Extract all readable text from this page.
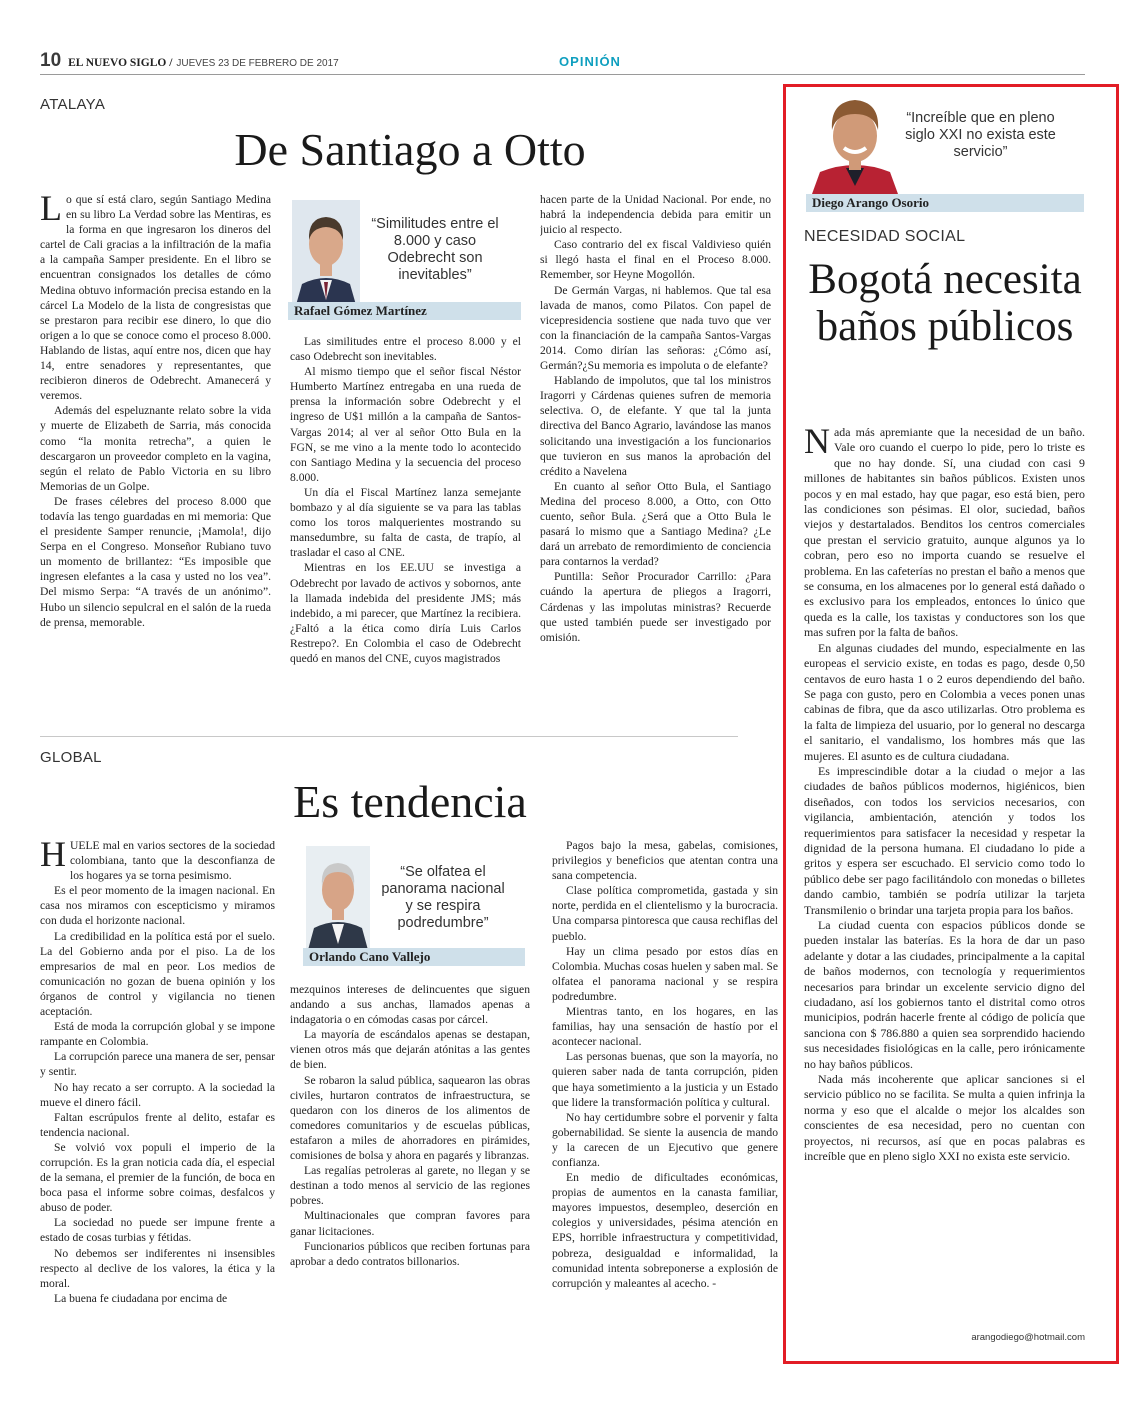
10 EL NUEVO SIGLO / JUEVES 23 DE FEBRERO DE 2017	OPINIÓN
ATALAYA
De Santiago a Otto
L o que sí está claro, según Santiago Medina en su libro La Verdad sobre las Mentiras, es la forma en que ingresaron los dineros del cartel de Cali gracias a la infiltración de la mafia a la campaña Samper presidente. En el libro se encuentran consignados los detalles de cómo Medina obtuvo información precisa estando en la cárcel La Modelo de la lista de congresistas que se prestaron para recibir ese dinero, lo que dio origen a lo que se conoce como el proceso 8.000. Hablando de listas, aquí entre nos, dicen que hay 14, entre senadores y representantes, que recibieron dineros de Odebrecht. Amanecerá y veremos.

Además del espeluznante relato sobre la vida y muerte de Elizabeth de Sarria, más conocida como “la monita retrecha”, a quien le descargaron un proveedor completo en la vagina, según el relato de Pablo Victoria en su libro Memorias de un Golpe.

De frases célebres del proceso 8.000 que todavía las tengo guardadas en mi memoria: Que el presidente Samper renuncie, ¡Mamola!, dijo Serpa en el Congreso. Monseñor Rubiano tuvo un momento de brillantez: “Es imposible que ingresen elefantes a la casa y usted no los vea”. Del mismo Serpa: “A través de un anónimo”. Hubo un silencio sepulcral en el salón de la rueda de prensa, memorable.

“Similitudes entre el 8.000 y caso Odebrecht son inevitables”
Rafael Gómez Martínez

Las similitudes entre el proceso 8.000 y el caso Odebrecht son inevitables.

Al mismo tiempo que el señor fiscal Néstor Humberto Martínez entregaba en una rueda de prensa la información sobre Odebrecht y el ingreso de U$1 millón a la campaña de Santos-Vargas 2014; al ver al señor Otto Bula en la FGN, se me vino a la mente todo lo acontecido con Santiago Medina y la secuencia del proceso 8.000.

Un día el Fiscal Martínez lanza semejante bombazo y al día siguiente se va para las tablas como los toros malquerientes mostrando su mansedumbre, su falta de casta, de trapío, al trasladar el caso al CNE.

Mientras en los EE.UU se investiga a Odebrecht por lavado de activos y sobornos, ante la llamada indebida del presidente JMS; más indebido, a mi parecer, que Martínez la recibiera. ¿Faltó a la ética como diría Luis Carlos Restrepo?. En Colombia el caso de Odebrecht quedó en manos del CNE, cuyos magistrados

hacen parte de la Unidad Nacional. Por ende, no habrá la independencia debida para emitir un juicio al respecto.

Caso contrario del ex fiscal Valdivieso quién si llegó hasta el final en el Proceso 8.000. Remember, sor Heyne Mogollón.

De Germán Vargas, ni hablemos. Que tal esa lavada de manos, como Pilatos. Con papel de vicepresidencia sostiene que nada tuvo que ver con la financiación de la campaña Santos-Vargas 2014. Como dirían las señoras: ¿Cómo así, Germán?¿Su memoria es impoluta o de elefante?

Hablando de impolutos, que tal los ministros Iragorri y Cárdenas quienes sufren de memoria selectiva. O, de elefante. Y que tal la junta directiva del Banco Agrario, lavándose las manos solicitando una investigación a los funcionarios que tuvieron en sus manos la aprobación del crédito a Navelena

En cuanto al señor Otto Bula, el Santiago Medina del proceso 8.000, a Otto, con Otto cuento, señor Bula. ¿Será que a Otto Bula le pasará lo mismo que a Santiago Medina? ¿Le dará un arrebato de remordimiento de conciencia para contarnos la verdad?

Puntilla: Señor Procurador Carrillo: ¿Para cuándo la apertura de pliegos a Iragorri, Cárdenas y las impolutas ministras? Recuerde que usted también puede ser investigado por omisión.

GLOBAL
Es tendencia
H UELE mal en varios sectores de la sociedad colombiana, tanto que la desconfianza de los hogares ya se torna pesimismo.

Es el peor momento de la imagen nacional. En casa nos miramos con escepticismo y miramos con duda el horizonte nacional.

La credibilidad en la política está por el suelo. La del Gobierno anda por el piso. La de los empresarios de mal en peor. Los medios de comunicación no gozan de buena opinión y los órganos de control y vigilancia no tienen aceptación.

Está de moda la corrupción global y se impone rampante en Colombia.

La corrupción parece una manera de ser, pensar y sentir.

No hay recato a ser corrupto. A la sociedad la mueve el dinero fácil.

Faltan escrúpulos frente al delito, estafar es tendencia nacional.

Se volvió vox populi el imperio de la corrupción. Es la gran noticia cada día, el especial de la semana, el premier de la función, de boca en boca pasa el informe sobre coimas, desfalcos y abuso de poder.

La sociedad no puede ser impune frente a estado de cosas turbias y fétidas.

No debemos ser indiferentes ni insensibles respecto al declive de los valores, la ética y la moral.

La buena fe ciudadana por encima de

“Se olfatea el panorama nacional y se respira podredumbre”
Orlando Cano Vallejo

mezquinos intereses de delincuentes que siguen andando a sus anchas, llamados apenas a indagatoria o en cómodas casas por cárcel.

La mayoría de escándalos apenas se destapan, vienen otros más que dejarán atónitas a las gentes de bien.

Se robaron la salud pública, saquearon las obras civiles, hurtaron contratos de infraestructura, se quedaron con los dineros de los alimentos de comedores comunitarios y de escuelas públicas, estafaron a miles de ahorradores en pirámides, comisiones de bolsa y ahora en pagarés y libranzas.

Las regalías petroleras al garete, no llegan y se destinan a todo menos al servicio de las regiones pobres.

Multinacionales que compran favores para ganar licitaciones.

Funcionarios públicos que reciben fortunas para aprobar a dedo contratos billonarios.

Pagos bajo la mesa, gabelas, comisiones, privilegios y beneficios que atentan contra una sana competencia.

Clase política comprometida, gastada y sin norte, perdida en el clientelismo y la burocracia. Una comparsa pintoresca que causa rechiflas del pueblo.

Hay un clima pesado por estos días en Colombia. Muchas cosas huelen y saben mal. Se olfatea el panorama nacional y se respira podredumbre.

Mientras tanto, en los hogares, en las familias, hay una sensación de hastío por el acontecer nacional.

Las personas buenas, que son la mayoría, no quieren saber nada de tanta corrupción, piden que haya sometimiento a la justicia y un Estado que lidere la transformación política y cultural.

No hay certidumbre sobre el porvenir y falta gobernabilidad. Se siente la ausencia de mando y la carecen de un Ejecutivo que genere confianza.

En medio de dificultades económicas, propias de aumentos en la canasta familiar, mayores impuestos, desempleo, deserción en colegios y universidades, pésima atención en EPS, horrible infraestructura y competitividad, pobreza, desigualdad e informalidad, la comunidad intenta sobreponerse a explosión de corrupción y maleantes al acecho. -

“Increíble que en pleno siglo XXI no exista este servicio”
Diego Arango Osorio
NECESIDAD SOCIAL
Bogotá necesita baños públicos
N ada más apremiante que la necesidad de un baño. Vale oro cuando el cuerpo lo pide, pero lo triste es que no hay donde. Sí, una ciudad con casi 9 millones de habitantes sin baños públicos. Existen unos pocos y en mal estado, hay que pagar, eso está bien, pero las condiciones son pésimas. El olor, suciedad, baños viejos y destartalados. Benditos los centros comerciales que prestan el servicio gratuito, aunque algunos ya lo cobran, pero eso no importa cuando se resuelve el problema. En las cafeterías no prestan el baño a menos que se consuma, en los almacenes por lo general está dañado o es exclusivo para los empleados, entonces lo único que queda es la calle, los taxistas y conductores son los que mas sufren por la falta de baños.

En algunas ciudades del mundo, especialmente en las europeas el servicio existe, en todas es pago, desde 0,50 centavos de euro hasta 1 o 2 euros dependiendo del baño. Se paga con gusto, pero en Colombia a veces ponen unas cabinas de fibra, que da asco utilizarlas. Otro problema es la falta de limpieza del usuario, por lo general no descarga el sanitario, el vandalismo, los hombres más que las mujeres. El asunto es de cultura ciudadana.

Es imprescindible dotar a la ciudad o mejor a las ciudades de baños públicos modernos, higiénicos, bien diseñados, con todos los servicios necesarios, con vigilancia, ambientación, atención y todos los requerimientos para satisfacer la necesidad y respetar la dignidad de la persona humana. El ciudadano lo pide a gritos y espera ser escuchado. El servicio como todo lo público debe ser pago facilitándolo con monedas o billetes dando cambio, también se podría utilizar la tarjeta Transmilenio o brindar una tarjeta propia para los baños.

La ciudad cuenta con espacios públicos donde se pueden instalar las baterías. Es la hora de dar un paso adelante y dotar a las ciudades, principalmente a la capital de baños modernos, con tecnología y requerimientos necesarios para brindar un excelente servicio digno del ciudadano, así los gobiernos tanto el distrital como otros municipios, podrán hacerle frente al código de policía que sanciona con $ 786.880 a quien sea sorprendido haciendo sus necesidades fisiológicas en la calle, pero irónicamente no hay baños públicos.

Nada más incoherente que aplicar sanciones si el servicio público no se facilita. Se multa a quien infrinja la norma y eso que el alcalde o mejor los alcaldes son conscientes de esa necesidad, pero no cuentan con proyectos, ni recursos, así que en pocas palabras es increíble que en pleno siglo XXI no exista este servicio.

arangodiego@hotmail.com
